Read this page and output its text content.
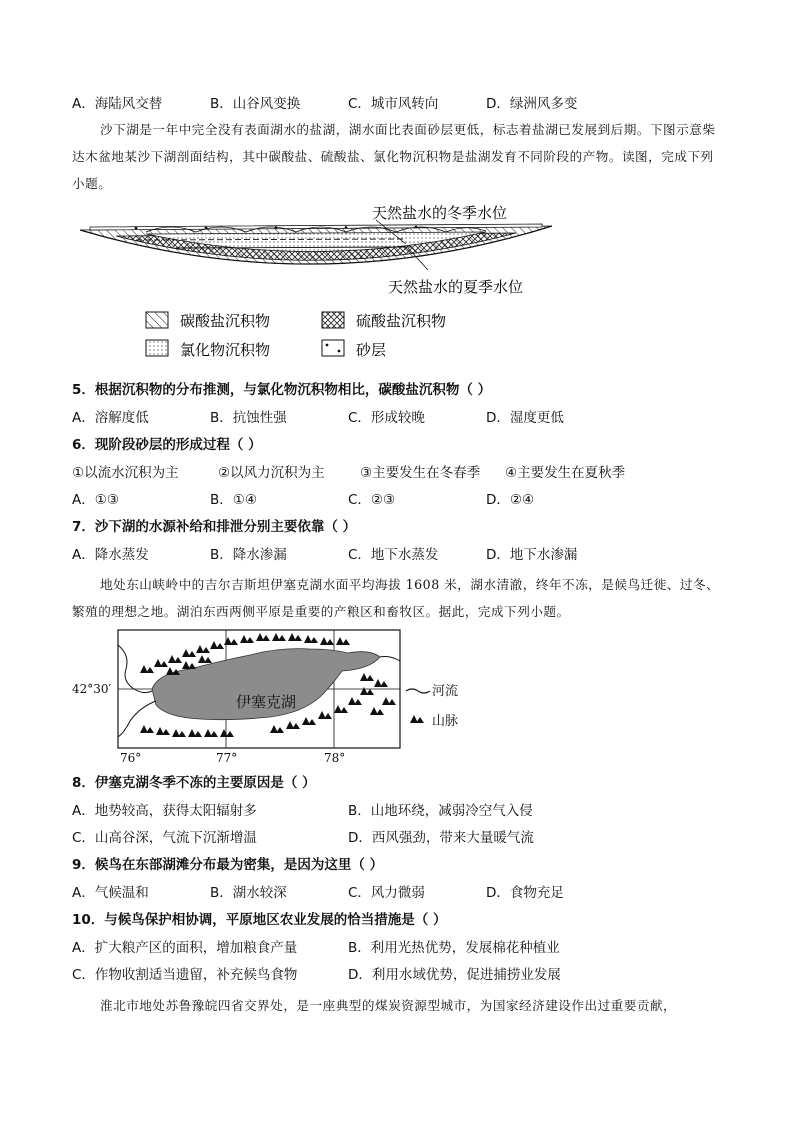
A．海陆风交替	B．山谷风变换	C．城市风转向	D．绿洲风多变
沙下湖是一年中完全没有表面湖水的盐湖，湖水面比表面砂层更低，标志着盐湖已发展到后期。下图示意柴达木盆地某沙下湖剖面结构，其中碳酸盐、硫酸盐、氯化物沉积物是盐湖发育不同阶段的产物。读图，完成下列小题。
天然盐水的冬季水位
天然盐水的夏季水位
碳酸盐沉积物	硫酸盐沉积物
氯化物沉积物	砂层
5．根据沉积物的分布推测，与氯化物沉积物相比，碳酸盐沉积物（ ）
A．溶解度低	B．抗蚀性强	C．形成较晚	D．湿度更低
6．现阶段砂层的形成过程（ ）
①以流水沉积为主	②以风力沉积为主	③主要发生在冬春季 ④主要发生在夏秋季
A．①③	B．①④	C．②③	D．②④
7．沙下湖的水源补给和排泄分别主要依靠（ ）
A．降水蒸发	B．降水渗漏	C．地下水蒸发	D．地下水渗漏
地处东山峡岭中的吉尔吉斯坦伊塞克湖水面平均海拔 1608 米，湖水清澈，终年不冻，是候鸟迁徙、过冬、繁殖的理想之地。湖泊东西两侧平原是重要的产粮区和畜牧区。据此，完成下列小题。
伊塞克湖
42°30′
76°	77°	78°
河流
山脉
8．伊塞克湖冬季不冻的主要原因是（ ）
A．地势较高，获得太阳辐射多	B．山地环绕，减弱冷空气入侵
C．山高谷深，气流下沉渐增温	D．西风强劲，带来大量暖气流
9．候鸟在东部湖滩分布最为密集，是因为这里（ ）
A．气候温和	B．湖水较深	C．风力微弱	D．食物充足
10．与候鸟保护相协调，平原地区农业发展的恰当措施是（ ）
A．扩大粮产区的面积，增加粮食产量	B．利用光热优势，发展棉花种植业
C．作物收割适当遗留，补充候鸟食物	D．利用水域优势，促进捕捞业发展
淮北市地处苏鲁豫皖四省交界处，是一座典型的煤炭资源型城市，为国家经济建设作出过重要贡献，
